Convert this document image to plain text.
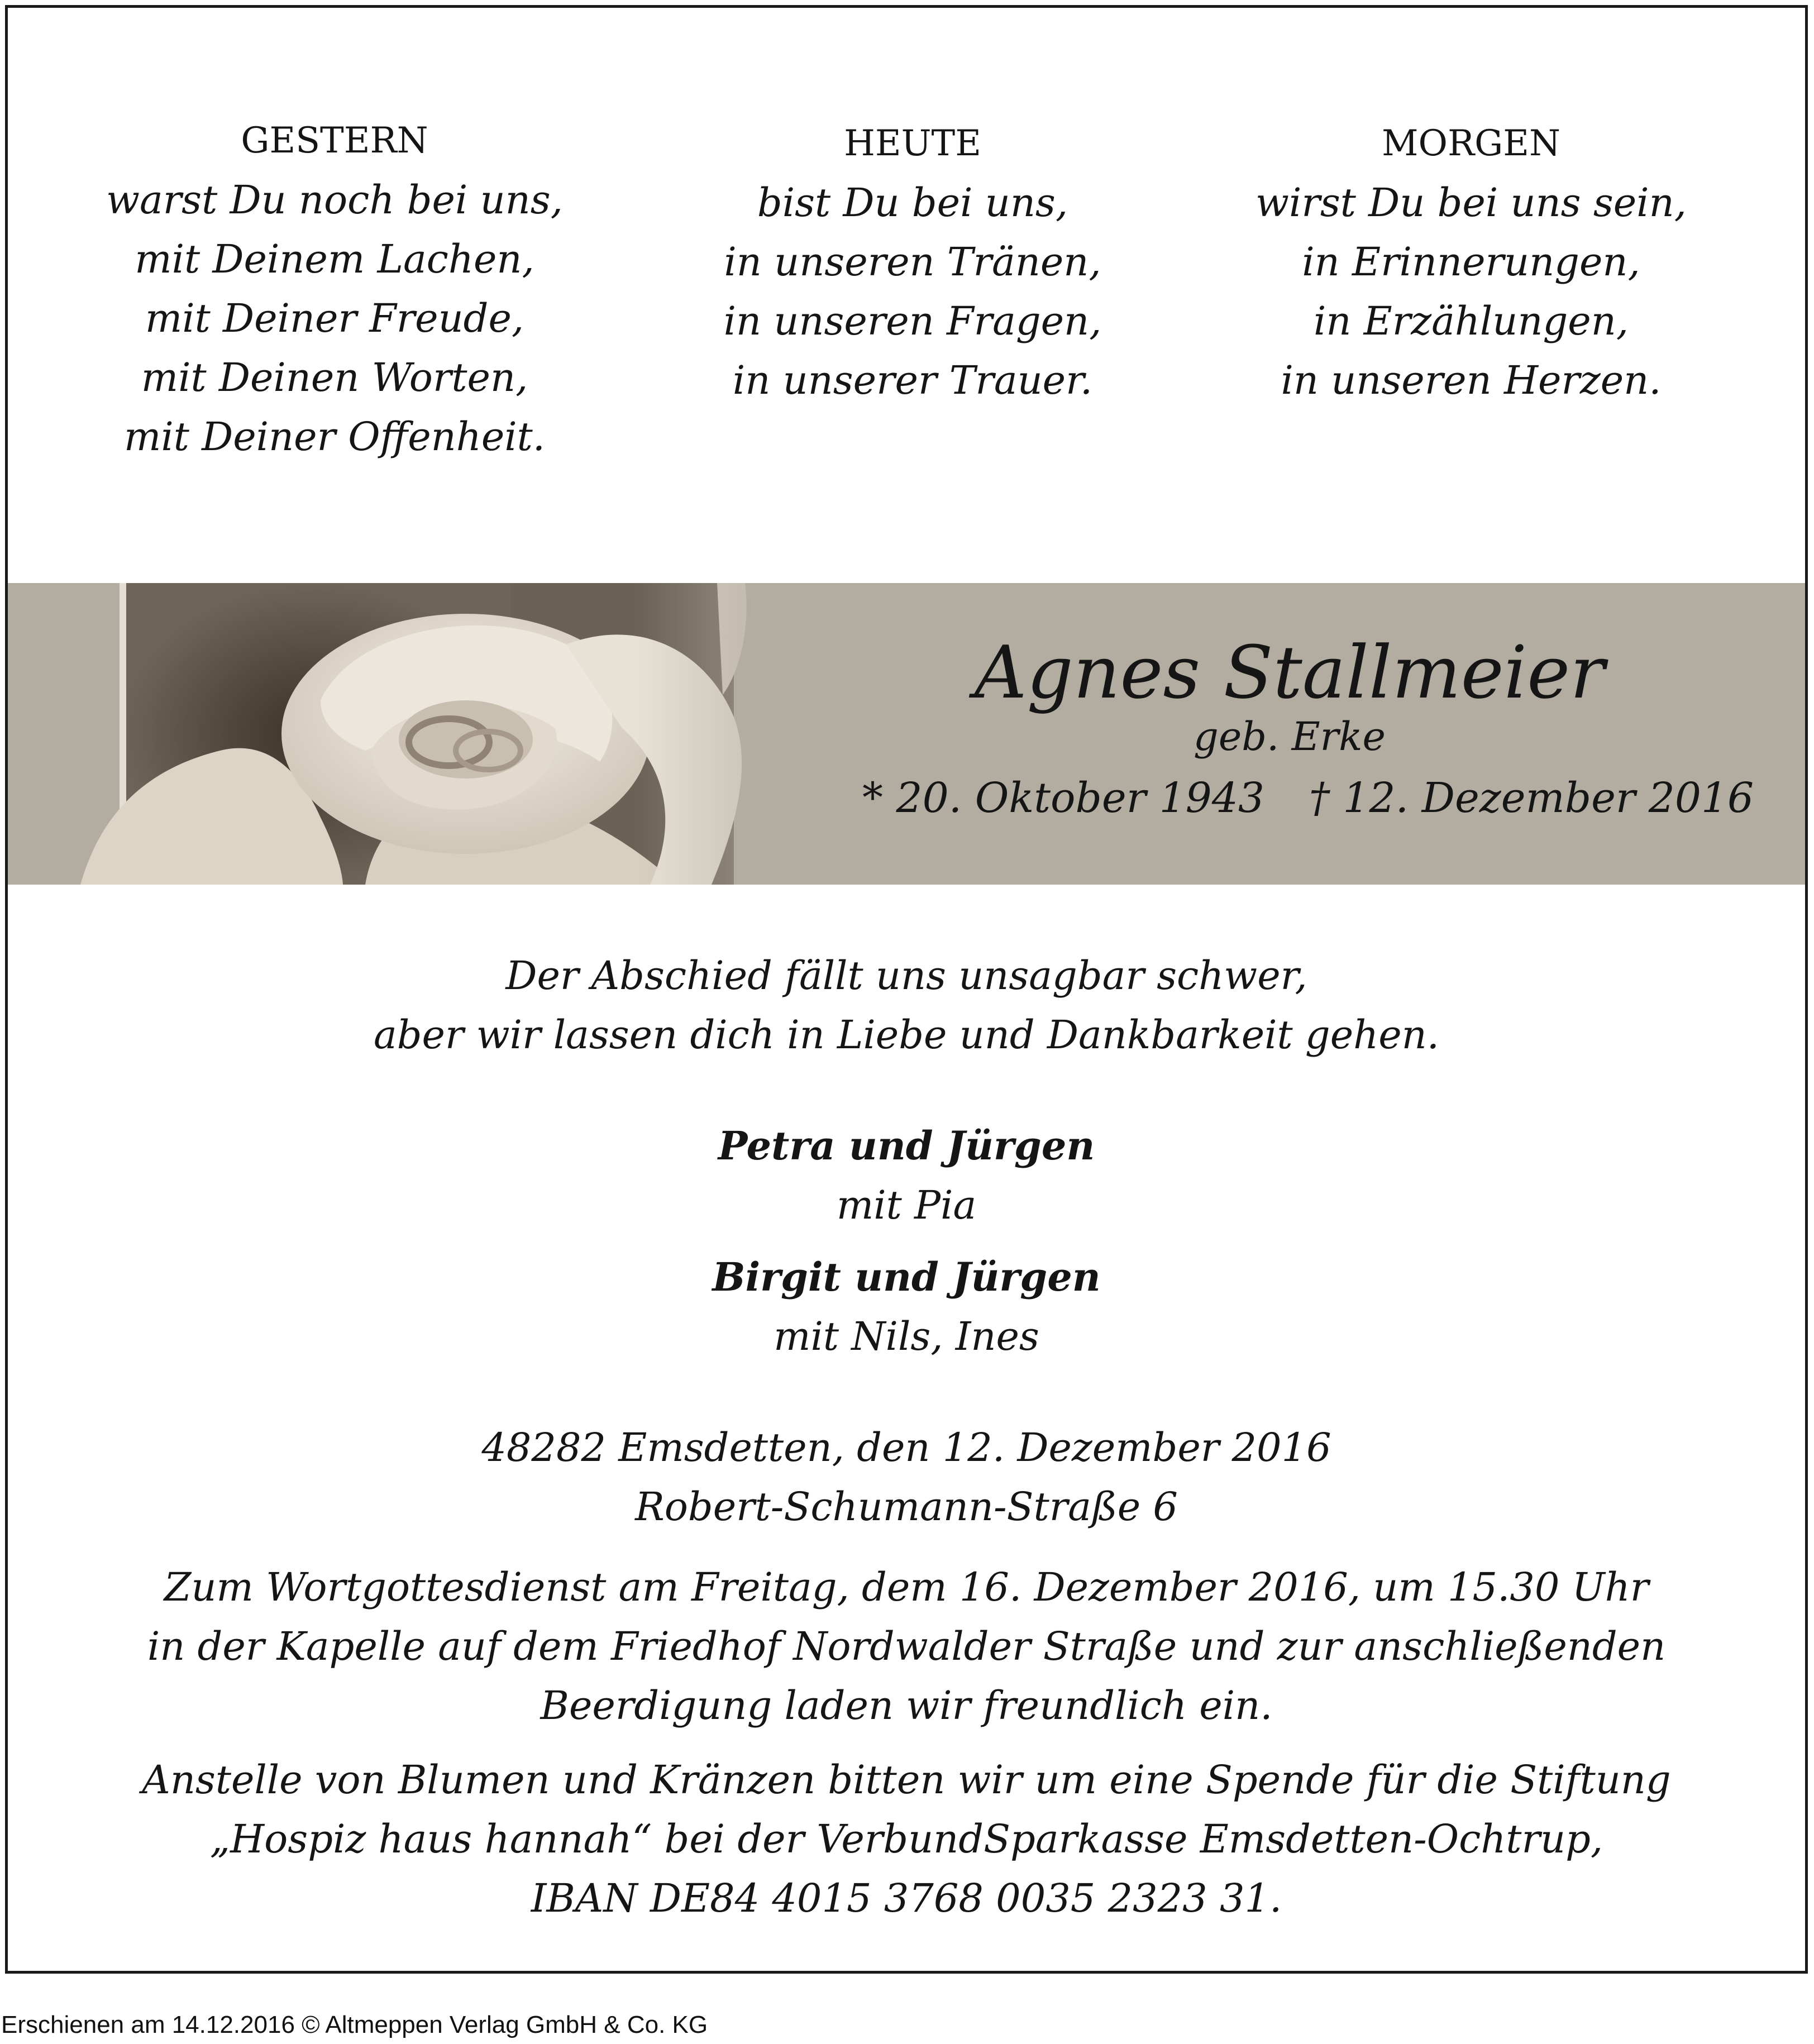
GESTERN
warst Du noch bei uns,
mit Deinem Lachen,
mit Deiner Freude,
mit Deinen Worten,
mit Deiner Offenheit.
HEUTE
bist Du bei uns,
in unseren Tränen,
in unseren Fragen,
in unserer Trauer.
MORGEN
wirst Du bei uns sein,
in Erinnerungen,
in Erzählungen,
in unseren Herzen.
Agnes Stallmeier
geb. Erke
* 20. Oktober 1943 † 12. Dezember 2016
Der Abschied fällt uns unsagbar schwer,
aber wir lassen dich in Liebe und Dankbarkeit gehen.
Petra und Jürgen
mit Pia
Birgit und Jürgen
mit Nils, Ines
48282 Emsdetten, den 12. Dezember 2016
Robert-Schumann-Straße 6
Zum Wortgottesdienst am Freitag, dem 16. Dezember 2016, um 15.30 Uhr
in der Kapelle auf dem Friedhof Nordwalder Straße und zur anschließenden
Beerdigung laden wir freundlich ein.
Anstelle von Blumen und Kränzen bitten wir um eine Spende für die Stiftung
„Hospiz haus hannah“ bei der VerbundSparkasse Emsdetten-Ochtrup,
IBAN DE84 4015 3768 0035 2323 31.
Erschienen am 14.12.2016 © Altmeppen Verlag GmbH & Co. KG
